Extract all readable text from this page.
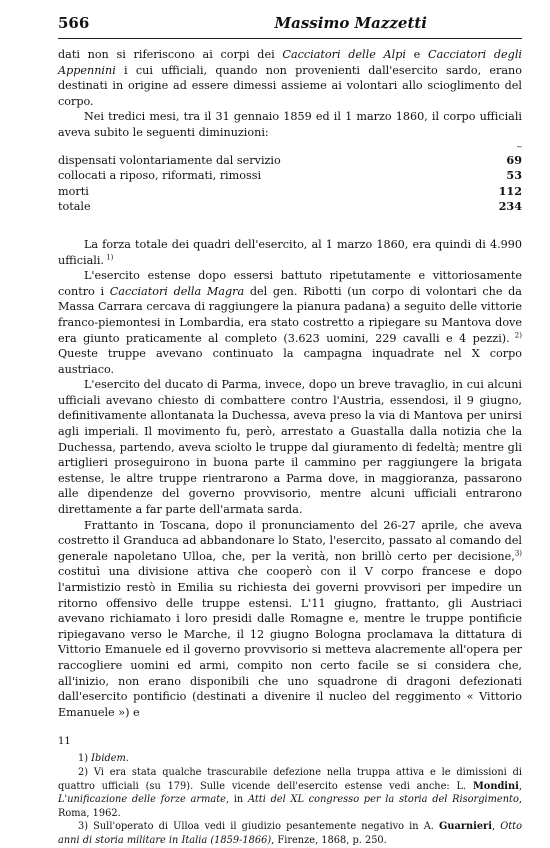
566	Massimo Mazzetti

dati non si riferiscono ai corpi dei Cacciatori delle Alpi e Cacciatori degli Appennini i cui ufficiali, quando non provenienti dall'esercito sardo, erano destinati in origine ad essere dimessi assieme ai volontari allo scioglimento del corpo.

Nei tredici mesi, tra il 31 gennaio 1859 ed il 1 marzo 1860, il corpo ufficiali aveva subito le seguenti diminuzioni:

–
dispensati volontariamente dal servizio	69
collocati a riposo, riformati, rimossi	53
morti	112
totale	234

La forza totale dei quadri dell'esercito, al 1 marzo 1860, era quindi di 4.990 ufficiali. $^{1)}$

L'esercito estense dopo essersi battuto ripetutamente e vittoriosamente contro i Cacciatori della Magra del gen. Ribotti (un corpo di volontari che da Massa Carrara cercava di raggiungere la pianura padana) a seguito delle vittorie franco-piemontesi in Lombardia, era stato costretto a ripiegare su Mantova dove era giunto praticamente al completo (3.623 uomini, 229 cavalli e 4 pezzi). $^{2)}$ Queste truppe avevano continuato la campagna inquadrate nel X corpo austriaco.

L'esercito del ducato di Parma, invece, dopo un breve travaglio, in cui alcuni ufficiali avevano chiesto di combattere contro l'Austria, essendosi, il 9 giugno, definitivamente allontanata la Duchessa, aveva preso la via di Mantova per unirsi agli imperiali. Il movimento fu, però, arrestato a Guastalla dalla notizia che la Duchessa, partendo, aveva sciolto le truppe dal giuramento di fedeltà; mentre gli artiglieri proseguirono in buona parte il cammino per raggiungere la brigata estense, le altre truppe rientrarono a Parma dove, in maggioranza, passarono alle dipendenze del governo provvisorio, mentre alcuni ufficiali entrarono direttamente a far parte dell'armata sarda.

Frattanto in Toscana, dopo il pronunciamento del 26-27 aprile, che aveva costretto il Granduca ad abbandonare lo Stato, l'esercito, passato al comando del generale napoletano Ulloa, che, per la verità, non brillò certo per decisione,$^{3)}$ costituì una divisione attiva che cooperò con il V corpo francese e dopo l'armistizio restò in Emilia su richiesta dei governi provvisori per impedire un ritorno offensivo delle truppe estensi. L'11 giugno, frattanto, gli Austriaci avevano richiamato i loro presidi dalle Romagne e, mentre le truppe pontificie ripiegavano verso le Marche, il 12 giugno Bologna proclamava la dittatura di Vittorio Emanuele ed il governo provvisorio si metteva alacremente all'opera per raccogliere uomini ed armi, compito non certo facile se si considera che, all'inizio, non erano disponibili che uno squadrone di dragoni defezionati dall'esercito pontificio (destinati a divenire il nucleo del reggimento « Vittorio Emanuele ») e

11

1) Ibidem.

2) Vi era stata qualche trascurabile defezione nella truppa attiva e le dimissioni di quattro ufficiali (su 179). Sulle vicende dell'esercito estense vedi anche: L. Mondini, L'unificazione delle forze armate, in Atti del XL congresso per la storia del Risorgimento, Roma, 1962.

3) Sull'operato di Ulloa vedi il giudizio pesantemente negativo in A. Guarnieri, Otto anni di storia militare in Italia (1859-1866), Firenze, 1868, p. 250.
